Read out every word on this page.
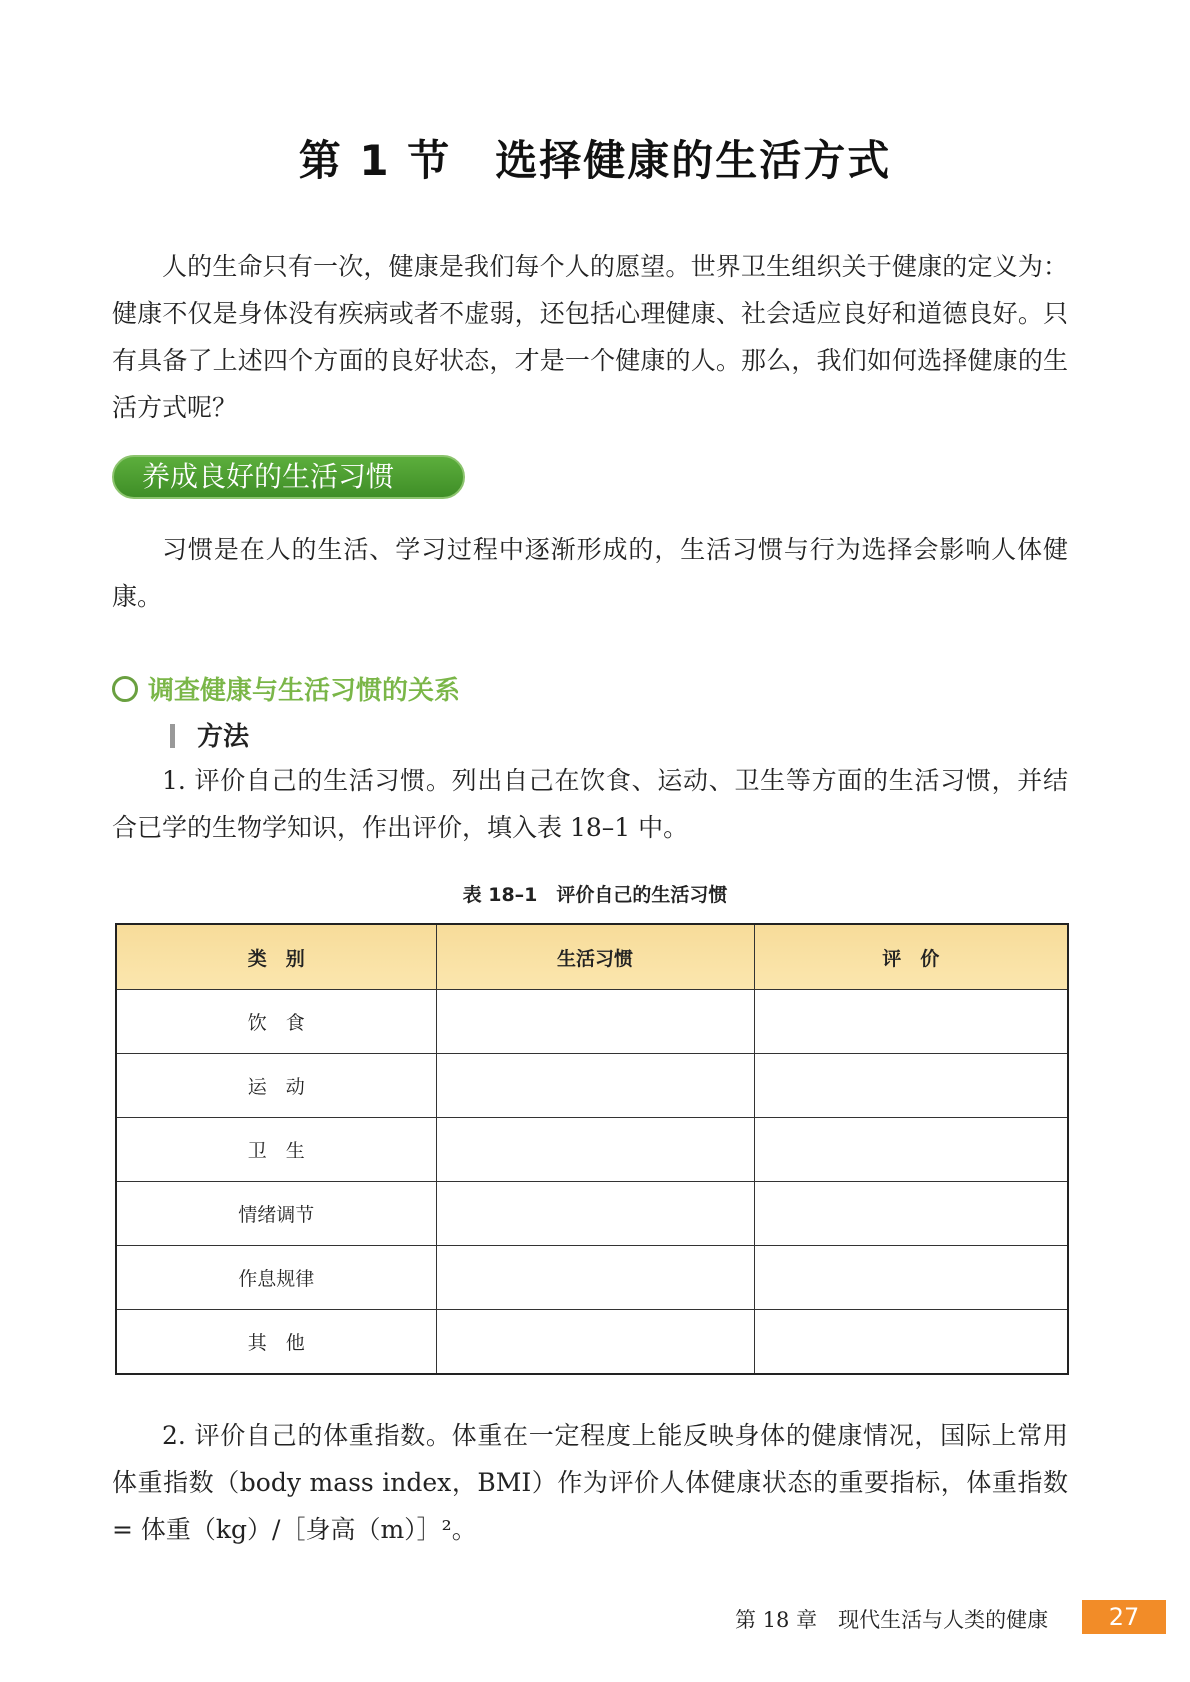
第 1 节　选择健康的生活方式
人的生命只有一次，健康是我们每个人的愿望。世界卫生组织关于健康的定义为：健康不仅是身体没有疾病或者不虚弱，还包括心理健康、社会适应良好和道德良好。只有具备了上述四个方面的良好状态，才是一个健康的人。那么，我们如何选择健康的生活方式呢？
养成良好的生活习惯
习惯是在人的生活、学习过程中逐渐形成的，生活习惯与行为选择会影响人体健康。
调查健康与生活习惯的关系
方法
1. 评价自己的生活习惯。列出自己在饮食、运动、卫生等方面的生活习惯，并结合已学的生物学知识，作出评价，填入表 18–1 中。
表 18–1　评价自己的生活习惯
类　别	生活习惯	评　价
饮　食		
运　动		
卫　生		
情绪调节		
作息规律		
其　他		
2. 评价自己的体重指数。体重在一定程度上能反映身体的健康情况，国际上常用体重指数（body mass index，BMI）作为评价人体健康状态的重要指标，体重指数 = 体重（kg）/［身高（m）］²。
第 18 章　现代生活与人类的健康	27
